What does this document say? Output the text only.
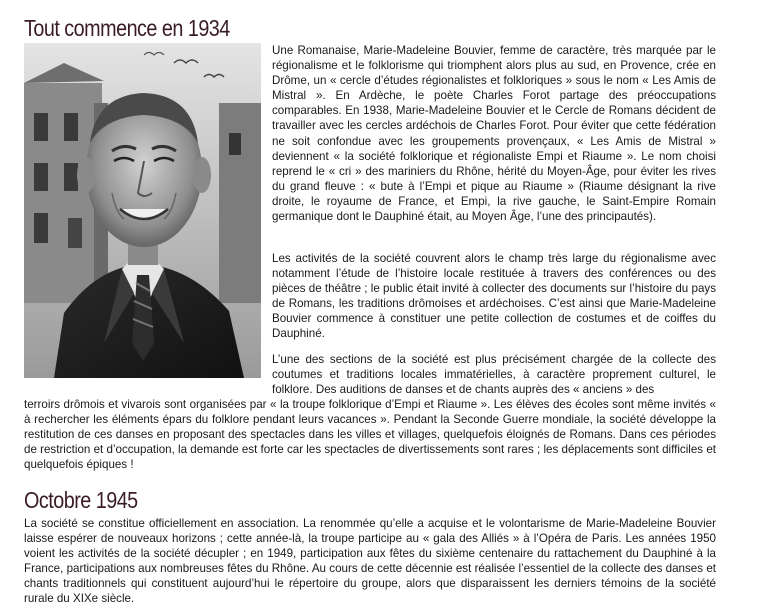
Tout commence en 1934

Une Romanaise, Marie-Madeleine Bouvier, femme de caractère, très marquée par le régionalisme et le folklorisme qui triomphent alors plus au sud, en Provence, crée en Drôme, un « cercle d’études régionalistes et folkloriques » sous le nom « Les Amis de Mistral ». En Ardèche, le poète Charles Forot partage des préoccupations comparables. En 1938, Marie-Madeleine Bouvier et le Cercle de Romans décident de travailler avec les cercles ardéchois de Charles Forot. Pour éviter que cette fédération ne soit confondue avec les groupements provençaux, « Les Amis de Mistral » deviennent « la société folklorique et régionaliste Empi et Riaume ». Le nom choisi reprend le « cri » des mariniers du Rhône, hérité du Moyen-Âge, pour éviter les rives du grand fleuve : « bute à l’Empi et pique au Riaume » (Riaume désignant la rive droite, le royaume de France, et Empi, la rive gauche, le Saint-Empire Romain germanique dont le Dauphiné était, au Moyen Âge, l’une des principautés).

Les activités de la société couvrent alors le champ très large du régionalisme avec notamment l’étude de l’histoire locale restituée à travers des conférences ou des pièces de théâtre ; le public était invité à collecter des documents sur l’histoire du pays de Romans, les traditions drômoises et ardéchoises. C’est ainsi que Marie-Madeleine Bouvier commence à constituer une petite collection de costumes et de coiffes du Dauphiné.

L’une des sections de la société est plus précisément chargée de la collecte des coutumes et traditions locales immatérielles, à caractère proprement culturel, le folklore. Des auditions de danses et de chants auprès des « anciens » des

terroirs drômois et vivarois sont organisées par « la troupe folklorique d’Empi et Riaume ». Les élèves des écoles sont même invités « à rechercher les éléments épars du folklore pendant leurs vacances ». Pendant la Seconde Guerre mondiale, la société développe la restitution de ces danses en proposant des spectacles dans les villes et villages, quelquefois éloignés de Romans. Dans ces périodes de restriction et d’occupation, la demande est forte car les spectacles de divertissements sont rares ; les déplacements sont difficiles et quelquefois épiques !

Octobre 1945

La société se constitue officiellement en association. La renommée qu’elle a acquise et le volontarisme de Marie-Madeleine Bouvier laisse espérer de nouveaux horizons ; cette année-là, la troupe participe au « gala des Alliés » à l’Opéra de Paris. Les années 1950 voient les activités de la société décupler ; en 1949, participation aux fêtes du sixième centenaire du rattachement du Dauphiné à la France, participations aux nombreuses fêtes du Rhône. Au cours de cette décennie est réalisée l’essentiel de la collecte des danses et chants traditionnels qui constituent aujourd’hui le répertoire du groupe, alors que disparaissent les derniers témoins de la société rurale du XIXe siècle.
